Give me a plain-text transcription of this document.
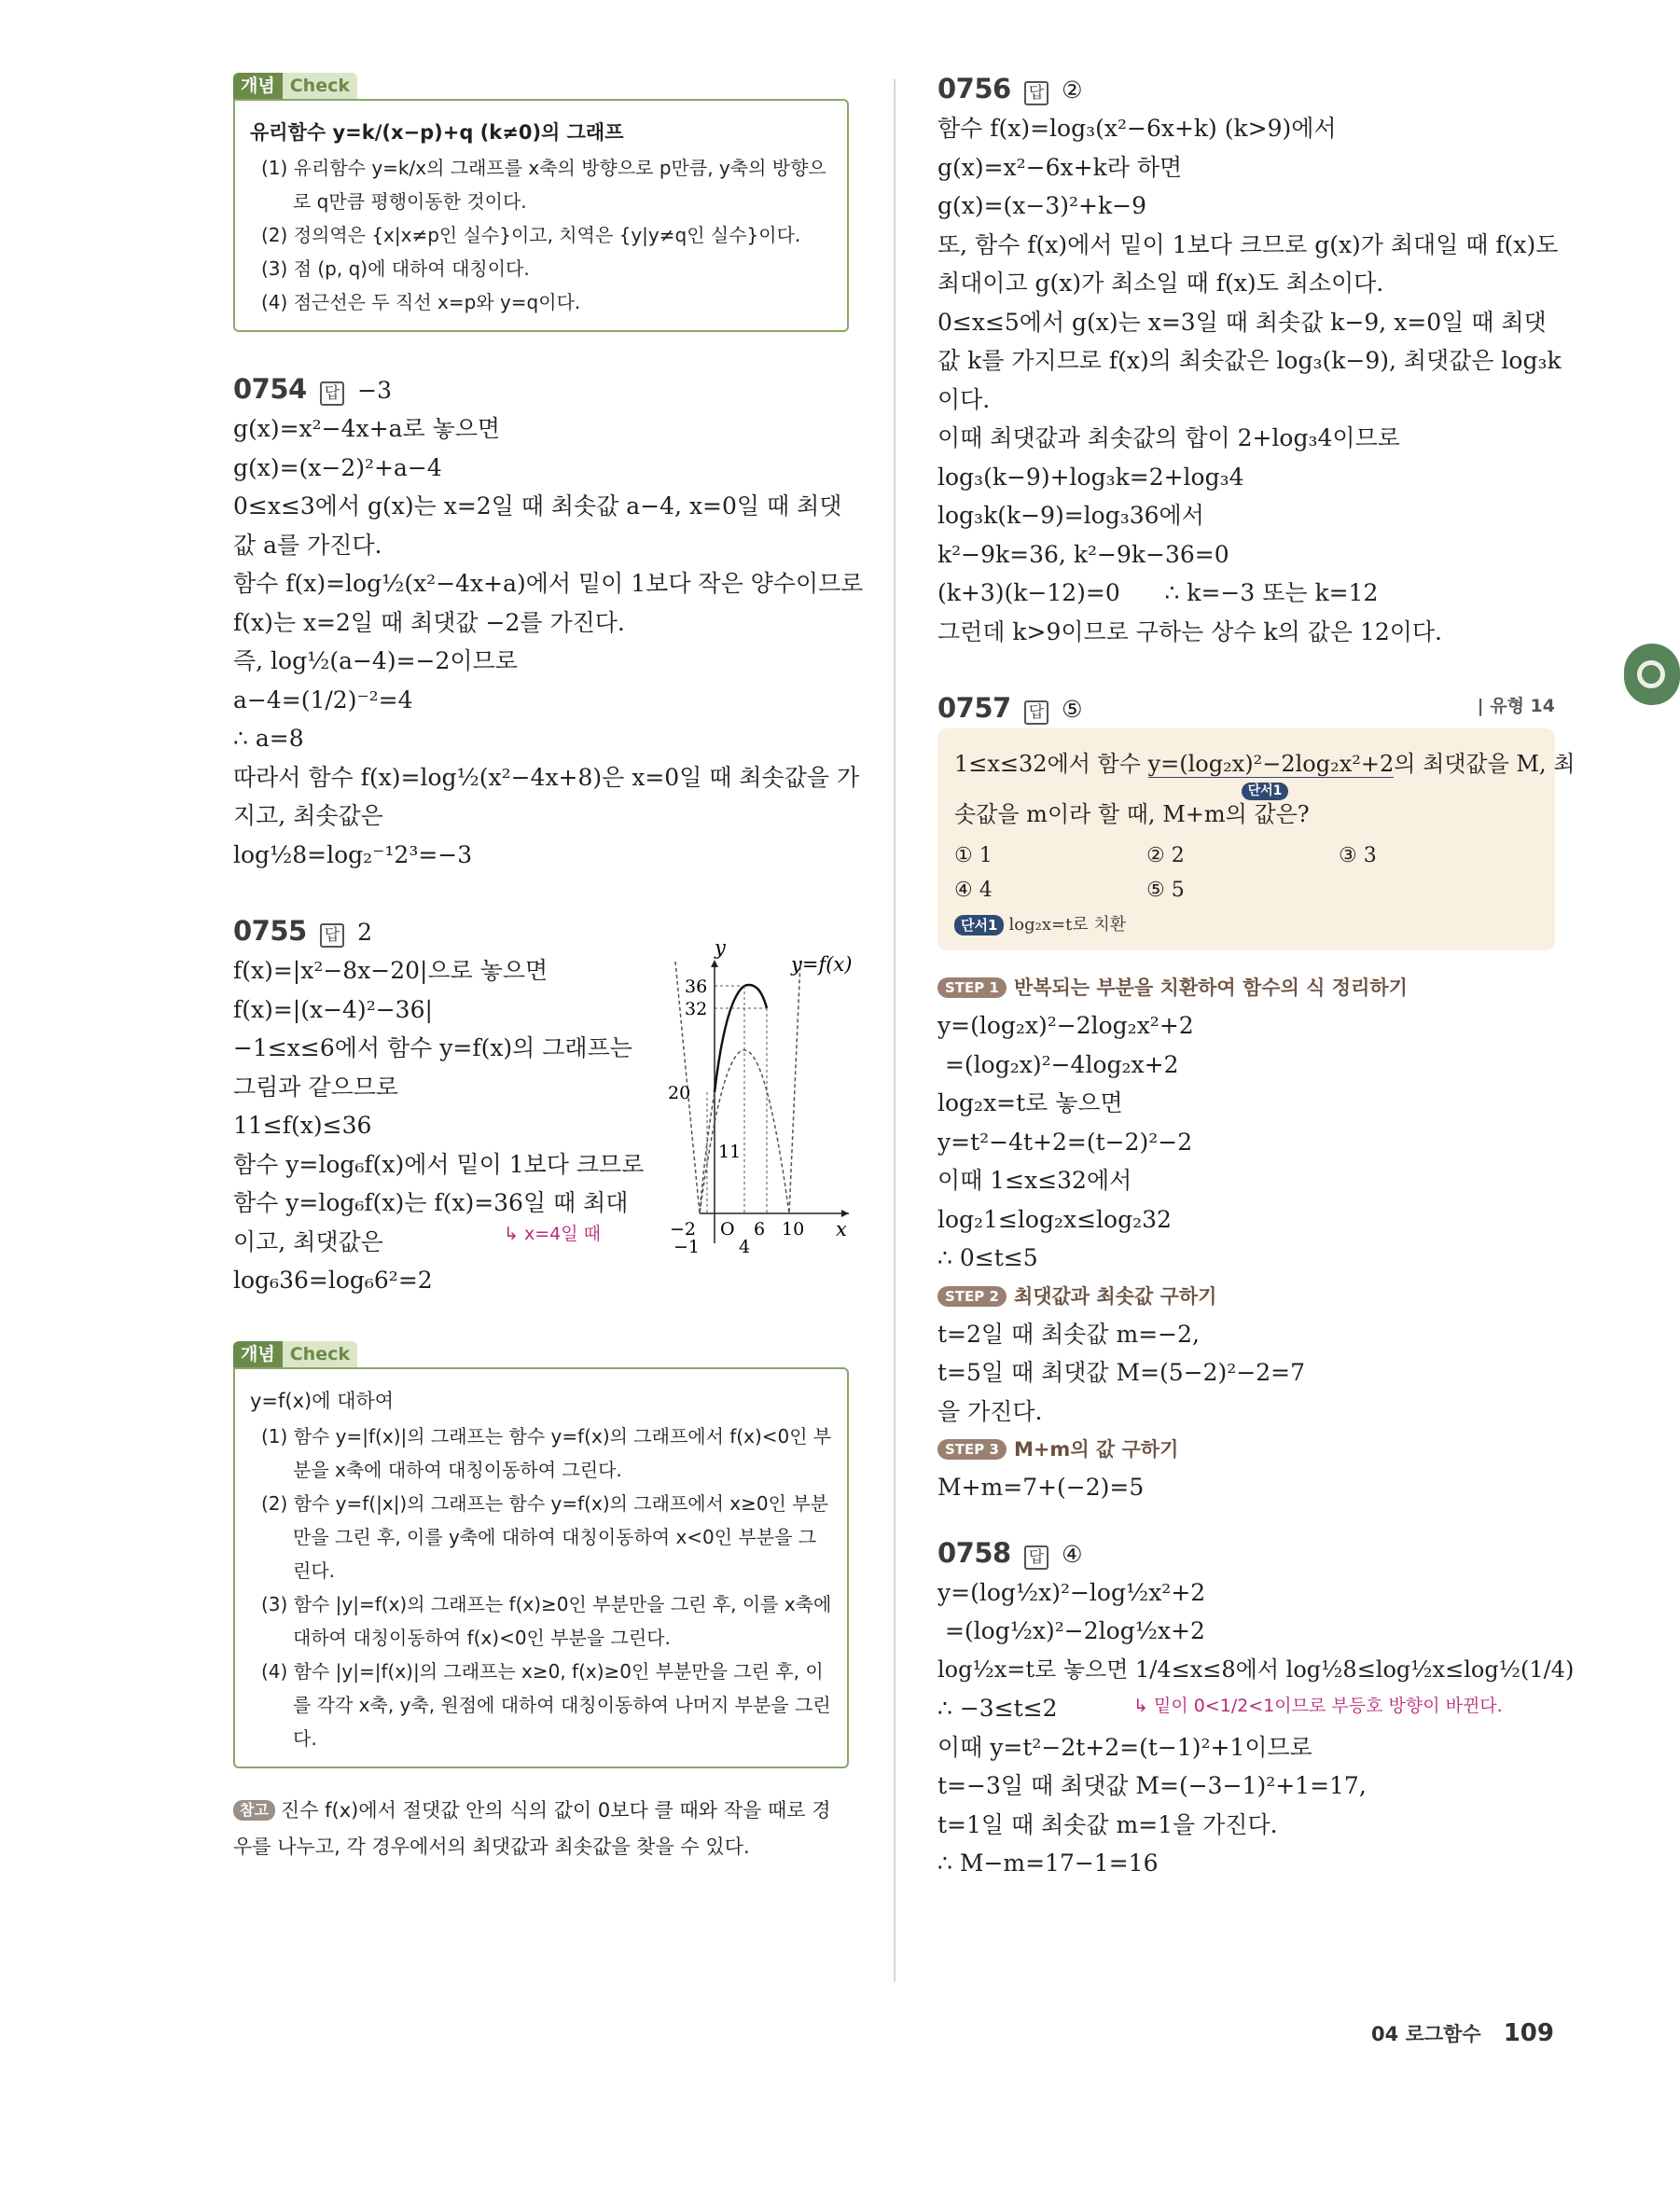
개념 Check
유리함수 y=k/(x−p)+q (k≠0)의 그래프
(1) 유리함수 y=k/x의 그래프를 x축의 방향으로 p만큼, y축의 방향으로 q만큼 평행이동한 것이다.
(2) 정의역은 {x|x≠p인 실수}이고, 치역은 {y|y≠q인 실수}이다.
(3) 점 (p, q)에 대하여 대칭이다.
(4) 점근선은 두 직선 x=p와 y=q이다.
0754 답 −3
g(x)=x²−4x+a로 놓으면
g(x)=(x−2)²+a−4
0≤x≤3에서 g(x)는 x=2일 때 최솟값 a−4, x=0일 때 최댓
값 a를 가진다.
함수 f(x)=log½(x²−4x+a)에서 밑이 1보다 작은 양수이므로
f(x)는 x=2일 때 최댓값 −2를 가진다.
즉, log½(a−4)=−2이므로
a−4=(1/2)⁻²=4
∴ a=8
따라서 함수 f(x)=log½(x²−4x+8)은 x=0일 때 최솟값을 가
지고, 최솟값은
log½8=log₂⁻¹2³=−3
0755 답 2
f(x)=|x²−8x−20|으로 놓으면
f(x)=|(x−4)²−36|
−1≤x≤6에서 함수 y=f(x)의 그래프는
그림과 같으므로
11≤f(x)≤36
함수 y=log₆f(x)에서 밑이 1보다 크므로
함수 y=log₆f(x)는 f(x)=36일 때 최대
이고, 최댓값은	↳ x=4일 때
log₆36=log₆6²=2
y
x
y=f(x)
36
32
20
11
−2 O 6 10
−1 4
개념 Check
y=f(x)에 대하여
(1) 함수 y=|f(x)|의 그래프는 함수 y=f(x)의 그래프에서 f(x)<0인 부분을 x축에 대하여 대칭이동하여 그린다.
(2) 함수 y=f(|x|)의 그래프는 함수 y=f(x)의 그래프에서 x≥0인 부분만을 그린 후, 이를 y축에 대하여 대칭이동하여 x<0인 부분을 그린다.
(3) 함수 |y|=f(x)의 그래프는 f(x)≥0인 부분만을 그린 후, 이를 x축에 대하여 대칭이동하여 f(x)<0인 부분을 그린다.
(4) 함수 |y|=|f(x)|의 그래프는 x≥0, f(x)≥0인 부분만을 그린 후, 이를 각각 x축, y축, 원점에 대하여 대칭이동하여 나머지 부분을 그린다.
참고 진수 f(x)에서 절댓값 안의 식의 값이 0보다 클 때와 작을 때로 경우를 나누고, 각 경우에서의 최댓값과 최솟값을 찾을 수 있다.
0756 답 ②
함수 f(x)=log₃(x²−6x+k) (k>9)에서
g(x)=x²−6x+k라 하면
g(x)=(x−3)²+k−9
또, 함수 f(x)에서 밑이 1보다 크므로 g(x)가 최대일 때 f(x)도
최대이고 g(x)가 최소일 때 f(x)도 최소이다.
0≤x≤5에서 g(x)는 x=3일 때 최솟값 k−9, x=0일 때 최댓
값 k를 가지므로 f(x)의 최솟값은 log₃(k−9), 최댓값은 log₃k
이다.
이때 최댓값과 최솟값의 합이 2+log₃4이므로
log₃(k−9)+log₃k=2+log₃4
log₃k(k−9)=log₃36에서
k²−9k=36, k²−9k−36=0
(k+3)(k−12)=0      ∴ k=−3 또는 k=12
그런데 k>9이므로 구하는 상수 k의 값은 12이다.
0757 답 ⑤	| 유형 14
1≤x≤32에서 함수 y=(log₂x)²−2log₂x²+2
단서1
의 최댓값을 M, 최
솟값을 m이라 할 때, M+m의 값은?
① 1	② 2	③ 3
④ 4	⑤ 5
단서1 log₂x=t로 치환
STEP 1 반복되는 부분을 치환하여 함수의 식 정리하기
y=(log₂x)²−2log₂x²+2
=(log₂x)²−4log₂x+2
log₂x=t로 놓으면
y=t²−4t+2=(t−2)²−2
이때 1≤x≤32에서
log₂1≤log₂x≤log₂32
∴ 0≤t≤5
STEP 2 최댓값과 최솟값 구하기
t=2일 때 최솟값 m=−2,
t=5일 때 최댓값 M=(5−2)²−2=7
을 가진다.
STEP 3 M+m의 값 구하기
M+m=7+(−2)=5
0758 답 ④
y=(log½x)²−log½x²+2
=(log½x)²−2log½x+2
log½x=t로 놓으면 1/4≤x≤8에서 log½8≤log½x≤log½(1/4)
∴ −3≤t≤2	↳ 밑이 0<1/2<1이므로 부등호 방향이 바뀐다.
이때 y=t²−2t+2=(t−1)²+1이므로
t=−3일 때 최댓값 M=(−3−1)²+1=17,
t=1일 때 최솟값 m=1을 가진다.
∴ M−m=17−1=16
04 로그함수 109
